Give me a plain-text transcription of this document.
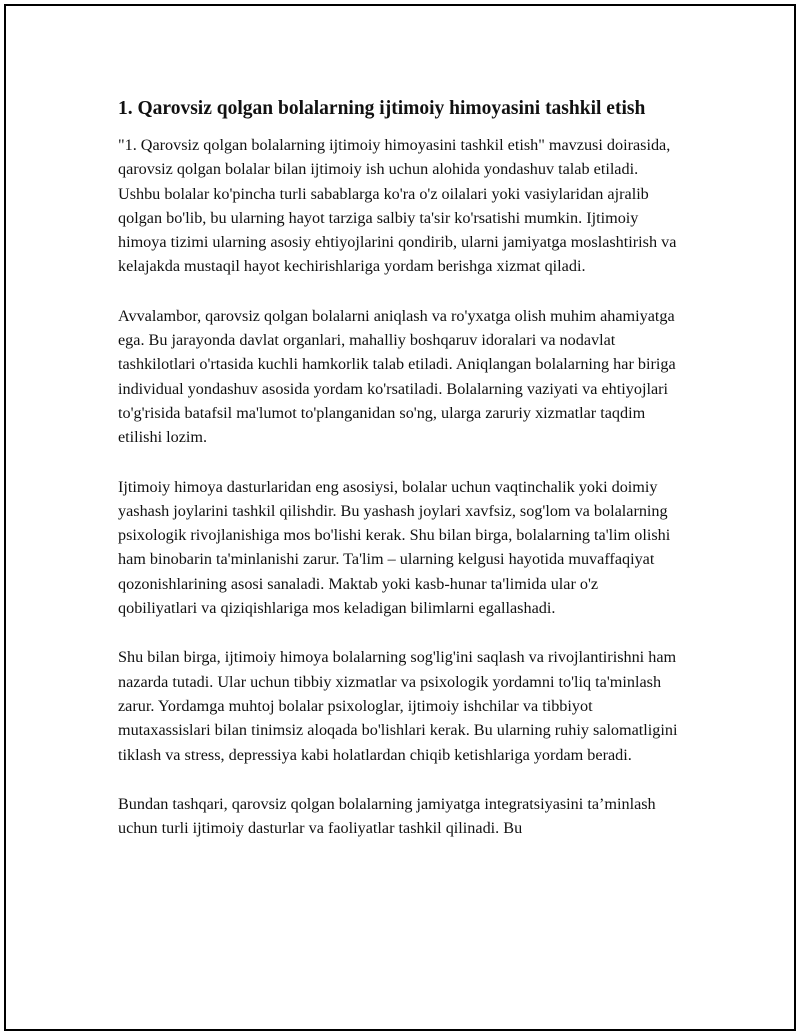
1. Qarovsiz qolgan bolalarning ijtimoiy himoyasini tashkil etish

"1. Qarovsiz qolgan bolalarning ijtimoiy himoyasini tashkil etish" mavzusi doirasida, qarovsiz qolgan bolalar bilan ijtimoiy ish uchun alohida yondashuv talab etiladi. Ushbu bolalar ko'pincha turli sabablarga ko'ra o'z oilalari yoki vasiylaridan ajralib qolgan bo'lib, bu ularning hayot tarziga salbiy ta'sir ko'rsatishi mumkin. Ijtimoiy himoya tizimi ularning asosiy ehtiyojlarini qondirib, ularni jamiyatga moslashtirish va kelajakda mustaqil hayot kechirishlariga yordam berishga xizmat qiladi.

Avvalambor, qarovsiz qolgan bolalarni aniqlash va ro'yxatga olish muhim ahamiyatga ega. Bu jarayonda davlat organlari, mahalliy boshqaruv idoralari va nodavlat tashkilotlari o'rtasida kuchli hamkorlik talab etiladi. Aniqlangan bolalarning har biriga individual yondashuv asosida yordam ko'rsatiladi. Bolalarning vaziyati va ehtiyojlari to'g'risida batafsil ma'lumot to'planganidan so'ng, ularga zaruriy xizmatlar taqdim etilishi lozim.

Ijtimoiy himoya dasturlaridan eng asosiysi, bolalar uchun vaqtinchalik yoki doimiy yashash joylarini tashkil qilishdir. Bu yashash joylari xavfsiz, sog'lom va bolalarning psixologik rivojlanishiga mos bo'lishi kerak. Shu bilan birga, bolalarning ta'lim olishi ham binobarin ta'minlanishi zarur. Ta'lim – ularning kelgusi hayotida muvaffaqiyat qozonishlarining asosi sanaladi. Maktab yoki kasb-hunar ta'limida ular o'z qobiliyatlari va qiziqishlariga mos keladigan bilimlarni egallashadi.

Shu bilan birga, ijtimoiy himoya bolalarning sog'lig'ini saqlash va rivojlantirishni ham nazarda tutadi. Ular uchun tibbiy xizmatlar va psixologik yordamni to'liq ta'minlash zarur. Yordamga muhtoj bolalar psixologlar, ijtimoiy ishchilar va tibbiyot mutaxassislari bilan tinimsiz aloqada bo'lishlari kerak. Bu ularning ruhiy salomatligini tiklash va stress, depressiya kabi holatlardan chiqib ketishlariga yordam beradi.

Bundan tashqari, qarovsiz qolgan bolalarning jamiyatga integratsiyasini ta’minlash uchun turli ijtimoiy dasturlar va faoliyatlar tashkil qilinadi. Bu
